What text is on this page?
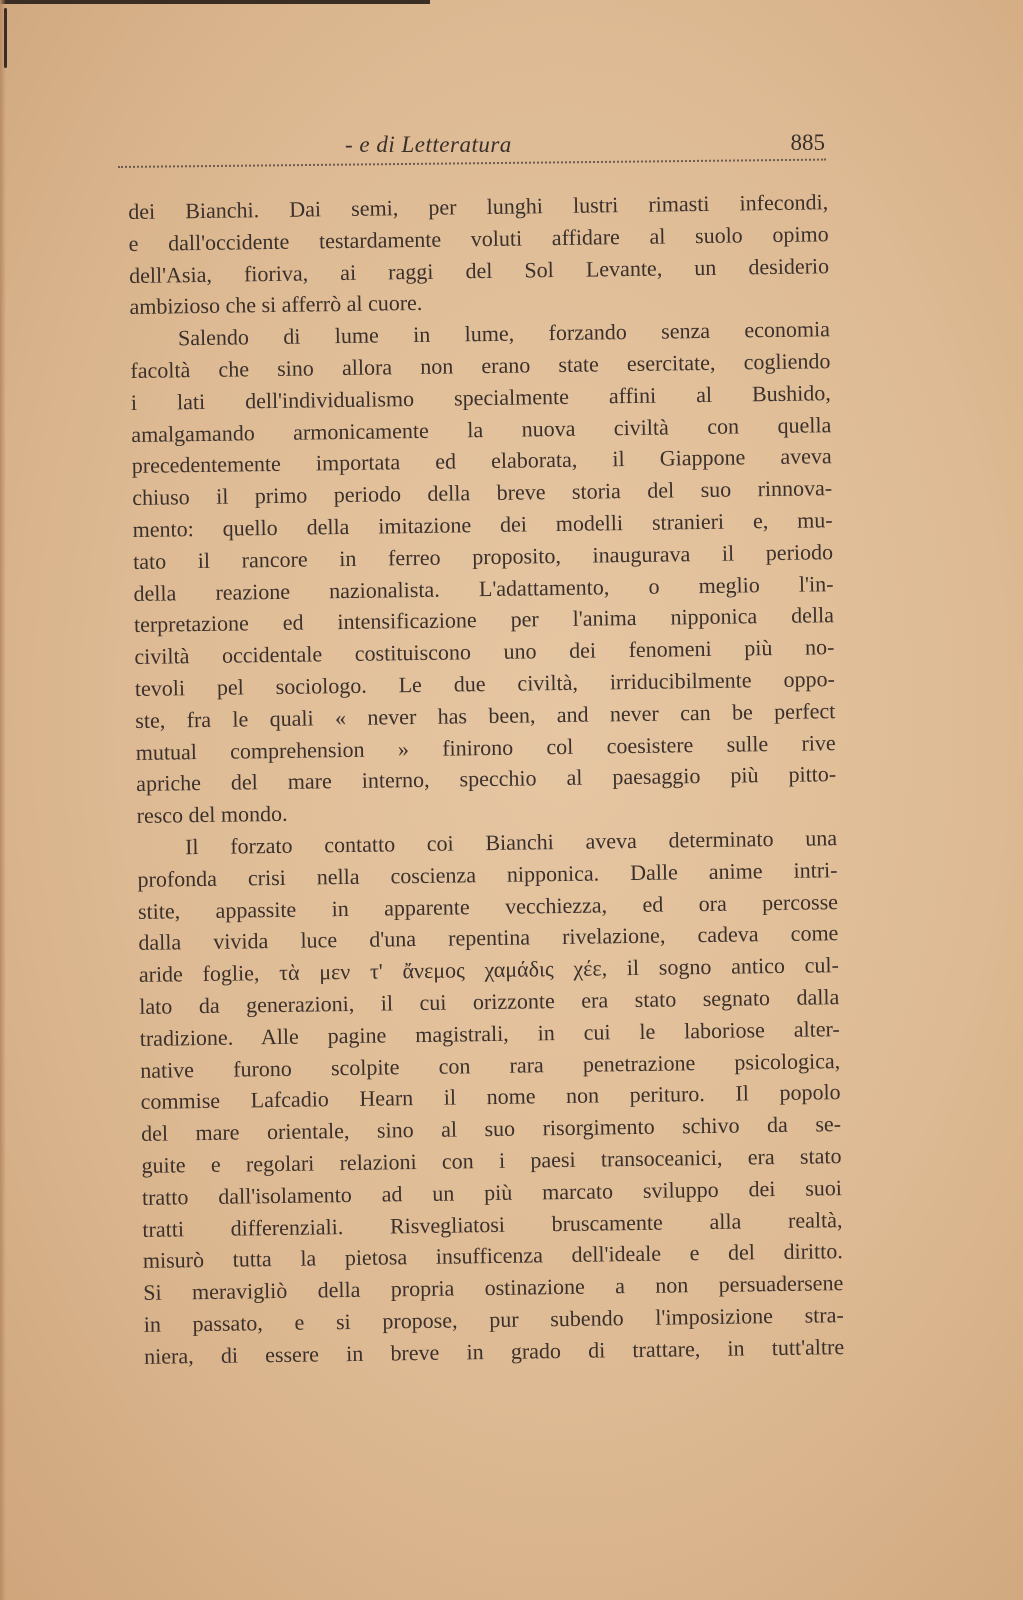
- e di Letteratura	885
dei Bianchi. Dai semi, per lunghi lustri rimasti infecondi,
e dall'occidente testardamente voluti affidare al suolo opimo
dell'Asia, fioriva, ai raggi del Sol Levante, un desiderio
ambizioso che si afferrò al cuore.
Salendo di lume in lume, forzando senza economia
facoltà che sino allora non erano state esercitate, cogliendo
i lati dell'individualismo specialmente affini al Bushido,
amalgamando armonicamente la nuova civiltà con quella
precedentemente importata ed elaborata, il Giappone aveva
chiuso il primo periodo della breve storia del suo rinnova-
mento: quello della imitazione dei modelli stranieri e, mu-
tato il rancore in ferreo proposito, inaugurava il periodo
della reazione nazionalista. L'adattamento, o meglio l'in-
terpretazione ed intensificazione per l'anima nipponica della
civiltà occidentale costituiscono uno dei fenomeni più no-
tevoli pel sociologo. Le due civiltà, irriducibilmente oppo-
ste, fra le quali « never has been, and never can be perfect
mutual comprehension » finirono col coesistere sulle rive
apriche del mare interno, specchio al paesaggio più pitto-
resco del mondo.
Il forzato contatto coi Bianchi aveva determinato una
profonda crisi nella coscienza nipponica. Dalle anime intri-
stite, appassite in apparente vecchiezza, ed ora percosse
dalla vivida luce d'una repentina rivelazione, cadeva come
aride foglie, τὰ μεν τ' ἄνεμος χαμάδις χέε, il sogno antico cul-
lato da generazioni, il cui orizzonte era stato segnato dalla
tradizione. Alle pagine magistrali, in cui le laboriose alter-
native furono scolpite con rara penetrazione psicologica,
commise Lafcadio Hearn il nome non perituro. Il popolo
del mare orientale, sino al suo risorgimento schivo da se-
guite e regolari relazioni con i paesi transoceanici, era stato
tratto dall'isolamento ad un più marcato sviluppo dei suoi
tratti differenziali. Risvegliatosi bruscamente alla realtà,
misurò tutta la pietosa insufficenza dell'ideale e del diritto.
Si meravigliò della propria ostinazione a non persuadersene
in passato, e si propose, pur subendo l'imposizione stra-
niera, di essere in breve in grado di trattare, in tutt'altre
